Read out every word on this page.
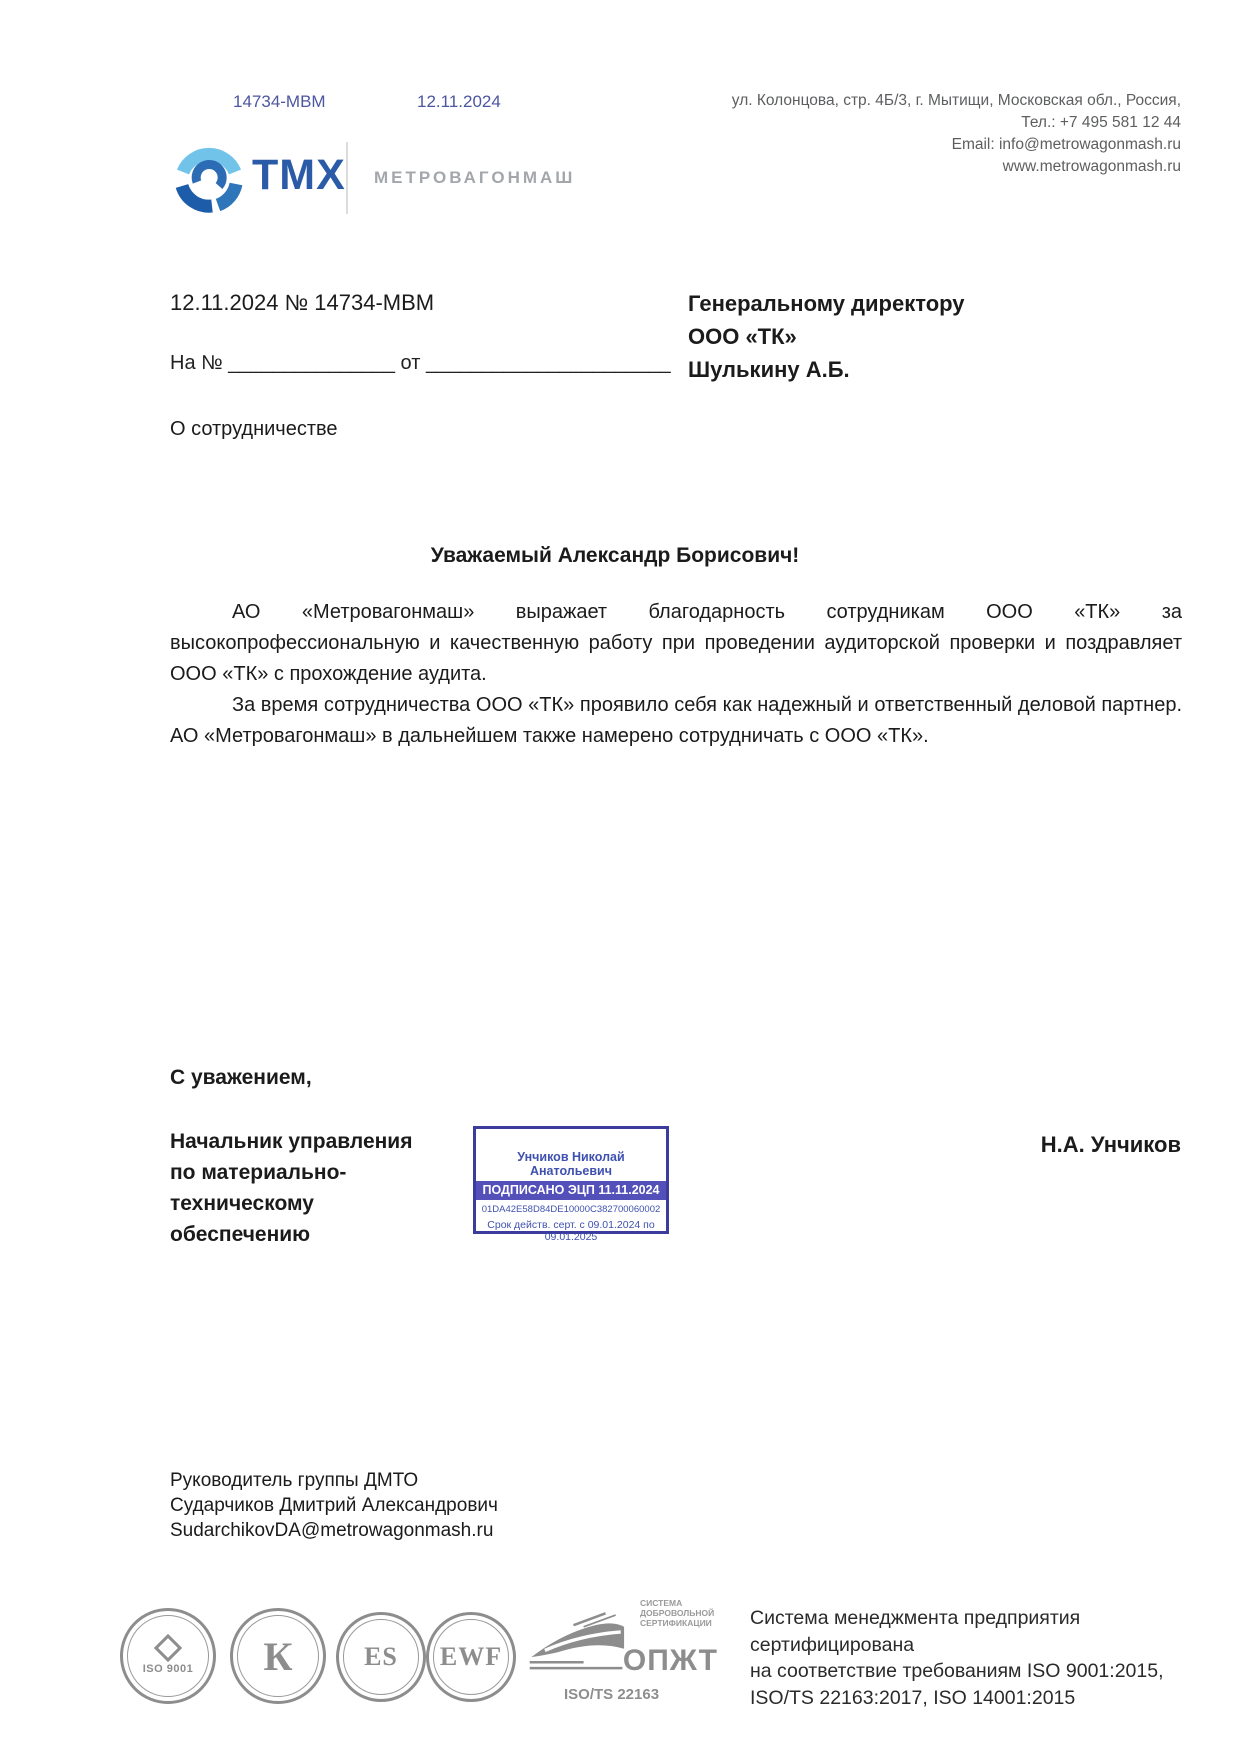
14734-МВМ	12.11.2024
ТМХ МЕТРОВАГОНМАШ
ул. Колонцова, стр. 4Б/3, г. Мытищи, Московская обл., Россия,
Тел.: +7 495 581 12 44
Email: info@metrowagonmash.ru
www.metrowagonmash.ru
12.11.2024 № 14734-МВМ
На № _______________ от ______________________
Генеральному директору
ООО «ТК»
Шулькину А.Б.
О сотрудничестве
Уважаемый Александр Борисович!

АО «Метровагонмаш» выражает благодарность сотрудникам ООО «ТК» за высокопрофессиональную и качественную работу при проведении аудиторской проверки и поздравляет ООО «ТК» с прохождение аудита.

За время сотрудничества ООО «ТК» проявило себя как надежный и ответственный деловой партнер. АО «Метровагонмаш» в дальнейшем также намерено сотрудничать с ООО «ТК».

С уважением,
Начальник управления по материально-техническому обеспечению
Н.А. Унчиков
Унчиков Николай Анатольевич
ПОДПИСАНО ЭЦП 11.11.2024
01DA42E58D84DE10000C382700060002
Срок действ. серт. с 09.01.2024 по 09.01.2025
Руководитель группы ДМТО
Сударчиков Дмитрий Александрович
SudarchikovDA@metrowagonmash.ru
ISO 9001 К	ES EWF
СИСТЕМА ДОБРОВОЛЬНОЙ СЕРТИФИКАЦИИ
ОПЖТ
ISO/TS 22163
Система менеджмента предприятия сертифицирована
на соответствие требованиям ISO 9001:2015,
ISO/TS 22163:2017, ISO 14001:2015
